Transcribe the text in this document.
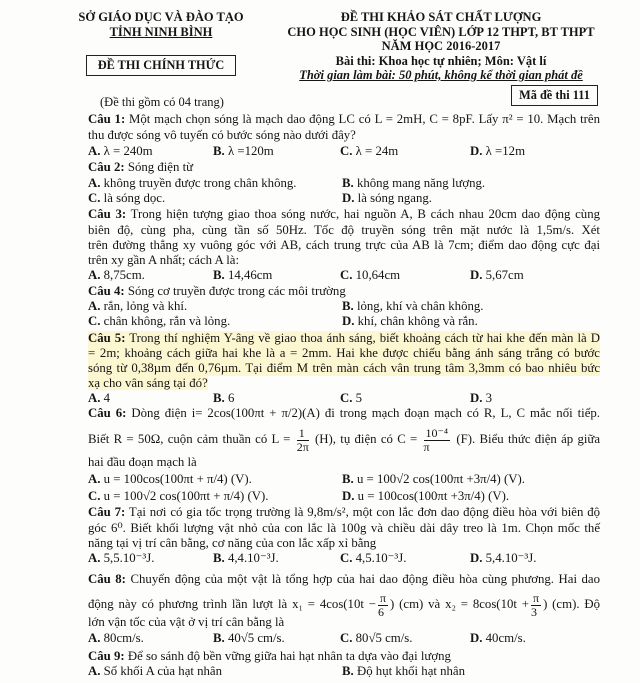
SỞ GIÁO DỤC VÀ ĐÀO TẠO
TỈNH NINH BÌNH
ĐỀ THI CHÍNH THỨC
(Đề thi gồm có 04 trang)
ĐỀ THI KHẢO SÁT CHẤT LƯỢNG
CHO HỌC SINH (HỌC VIÊN) LỚP 12 THPT, BT THPT
NĂM HỌC 2016-2017
Bài thi: Khoa học tự nhiên; Môn: Vật lí
Thời gian làm bài: 50 phút, không kể thời gian phát đề
Mã đề thi 111
Câu 1: Một mạch chọn sóng là mạch dao động LC có L = 2mH, C = 8pF. Lấy π² = 10. Mạch trên
thu được sóng vô tuyến có bước sóng nào dưới đây?
A. λ = 240m	B. λ =120m	C. λ = 24m	D. λ =12m
Câu 2: Sóng điện từ
A. không truyền được trong chân không.	B. không mang năng lượng.
C. là sóng dọc.	D. là sóng ngang.
Câu 3: Trong hiện tượng giao thoa sóng nước, hai nguồn A, B cách nhau 20cm dao động cùng
biên độ, cùng pha, cùng tần số 50Hz. Tốc độ truyền sóng trên mặt nước là 1,5m/s. Xét
trên đường thẳng xy vuông góc với AB, cách trung trực của AB là 7cm; điểm dao động cực đại
trên xy gần A nhất; cách A là:
A. 8,75cm.	B. 14,46cm	C. 10,64cm	D. 5,67cm
Câu 4: Sóng cơ truyền được trong các môi trường
A. rắn, lỏng và khí.	B. lỏng, khí và chân không.
C. chân không, rắn và lỏng.	D. khí, chân không và rắn.
Câu 5: Trong thí nghiệm Y-âng về giao thoa ánh sáng, biết khoảng cách từ hai khe đến màn là D
= 2m; khoảng cách giữa hai khe là a = 2mm. Hai khe được chiếu bằng ánh sáng trắng có bước
sóng từ 0,38µm đến 0,76µm. Tại điểm M trên màn cách vân trung tâm 3,3mm có bao nhiêu bức
xạ cho vân sáng tại đó?
A. 4	B. 6	C. 5	D. 3
Câu 6: Dòng điện i= 2cos(100πt + π/2)(A) đi trong mạch đoạn mạch có R, L, C mắc nối tiếp.
Biết R = 50Ω, cuộn cảm thuần có $L = \frac{1}{2\pi} (H)$, tụ điện có $C = \frac{\text{10⁻⁴}}{\pi} (F)$. Biểu thức điện áp giữa
hai đầu đoạn mạch là
A. u = 100cos(100πt + π/4) (V).	B. u = 100√2 cos(100πt +3π/4) (V).
C. u = 100√2 cos(100πt + π/4) (V).	D. u = 100cos(100πt +3π/4) (V).
Câu 7: Tại nơi có gia tốc trọng trường là 9,8m/s², một con lắc đơn dao động điều hòa với biên độ
góc 6⁰. Biết khối lượng vật nhỏ của con lắc là 100g và chiều dài dây treo là 1m. Chọn mốc thế
năng tại vị trí cân bằng, cơ năng của con lắc xấp xỉ bằng
A. 5,5.10⁻³J.	B. 4,4.10⁻³J.	C. 4,5.10⁻³J.	D. 5,4.10⁻³J.
Câu 8: Chuyển động của một vật là tổng hợp của hai dao động điều hòa cùng phương. Hai dao
động này có phương trình lần lượt là $x_1 = 4\cos(10t - \frac{\pi}{6}$ ) (cm) và $x_2 = 8\cos(10t + \frac{\pi}{3}$ ) (cm). Độ
lớn vận tốc của vật ở vị trí cân bằng là
A. 80cm/s.	B. 40√5 cm/s.	C. 80√5 cm/s.	D. 40cm/s.
Câu 9: Để so sánh độ bền vững giữa hai hạt nhân ta dựa vào đại lượng
A. Số khối A của hạt nhân	B. Độ hụt khối hạt nhân
